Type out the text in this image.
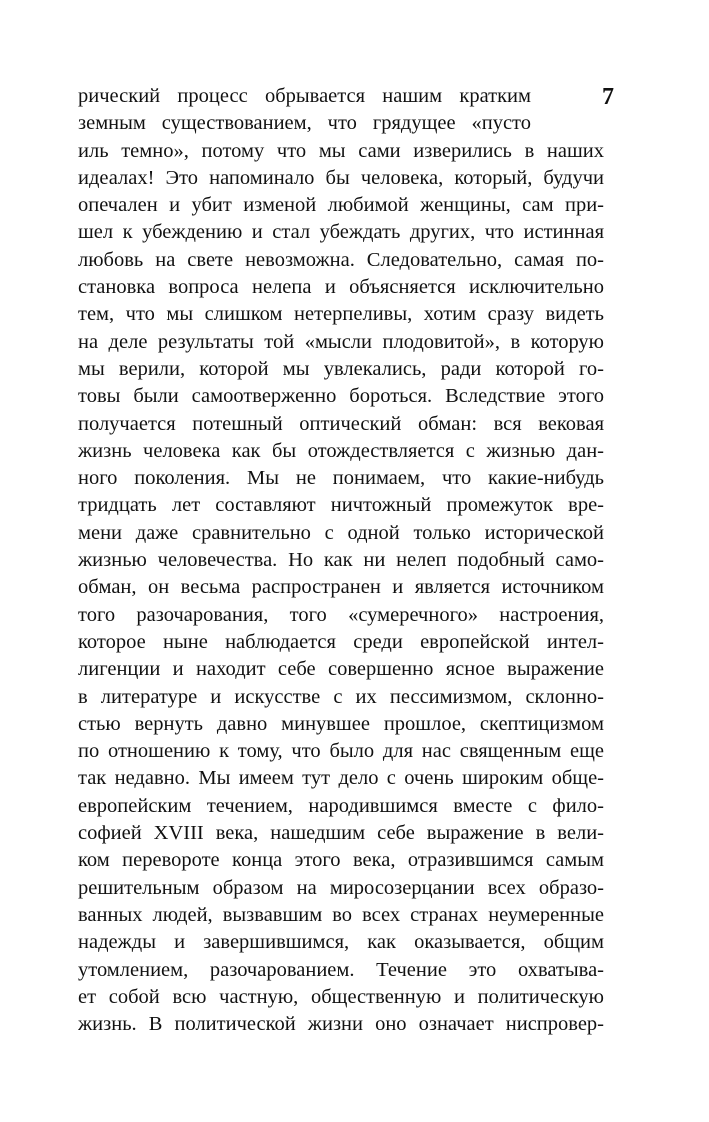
7
рический процесс обрывается нашим кратким
земным существованием, что грядущее «пусто
иль темно», потому что мы сами изверились в наших
идеалах! Это напоминало бы человека, который, будучи
опечален и убит изменой любимой женщины, сам при-
шел к убеждению и стал убеждать других, что истинная
любовь на свете невозможна. Следовательно, самая по-
становка вопроса нелепа и объясняется исключительно
тем, что мы слишком нетерпеливы, хотим сразу видеть
на деле результаты той «мысли плодовитой», в которую
мы верили, которой мы увлекались, ради которой го-
товы были самоотверженно бороться. Вследствие этого
получается потешный оптический обман: вся вековая
жизнь человека как бы отождествляется с жизнью дан-
ного поколения. Мы не понимаем, что какие-нибудь
тридцать лет составляют ничтожный промежуток вре-
мени даже сравнительно с одной только исторической
жизнью человечества. Но как ни нелеп подобный само-
обман, он весьма распространен и является источником
того разочарования, того «сумеречного» настроения,
которое ныне наблюдается среди европейской интел-
лигенции и находит себе совершенно ясное выражение
в литературе и искусстве с их пессимизмом, склонно-
стью вернуть давно минувшее прошлое, скептицизмом
по отношению к тому, что было для нас священным еще
так недавно. Мы имеем тут дело с очень широким обще-
европейским течением, народившимся вместе с фило-
софией XVIII века, нашедшим себе выражение в вели-
ком перевороте конца этого века, отразившимся самым
решительным образом на миросозерцании всех образо-
ванных людей, вызвавшим во всех странах неумеренные
надежды и завершившимся, как оказывается, общим
утомлением, разочарованием. Течение это охватыва-
ет собой всю частную, общественную и политическую
жизнь. В политической жизни оно означает ниспровер-
